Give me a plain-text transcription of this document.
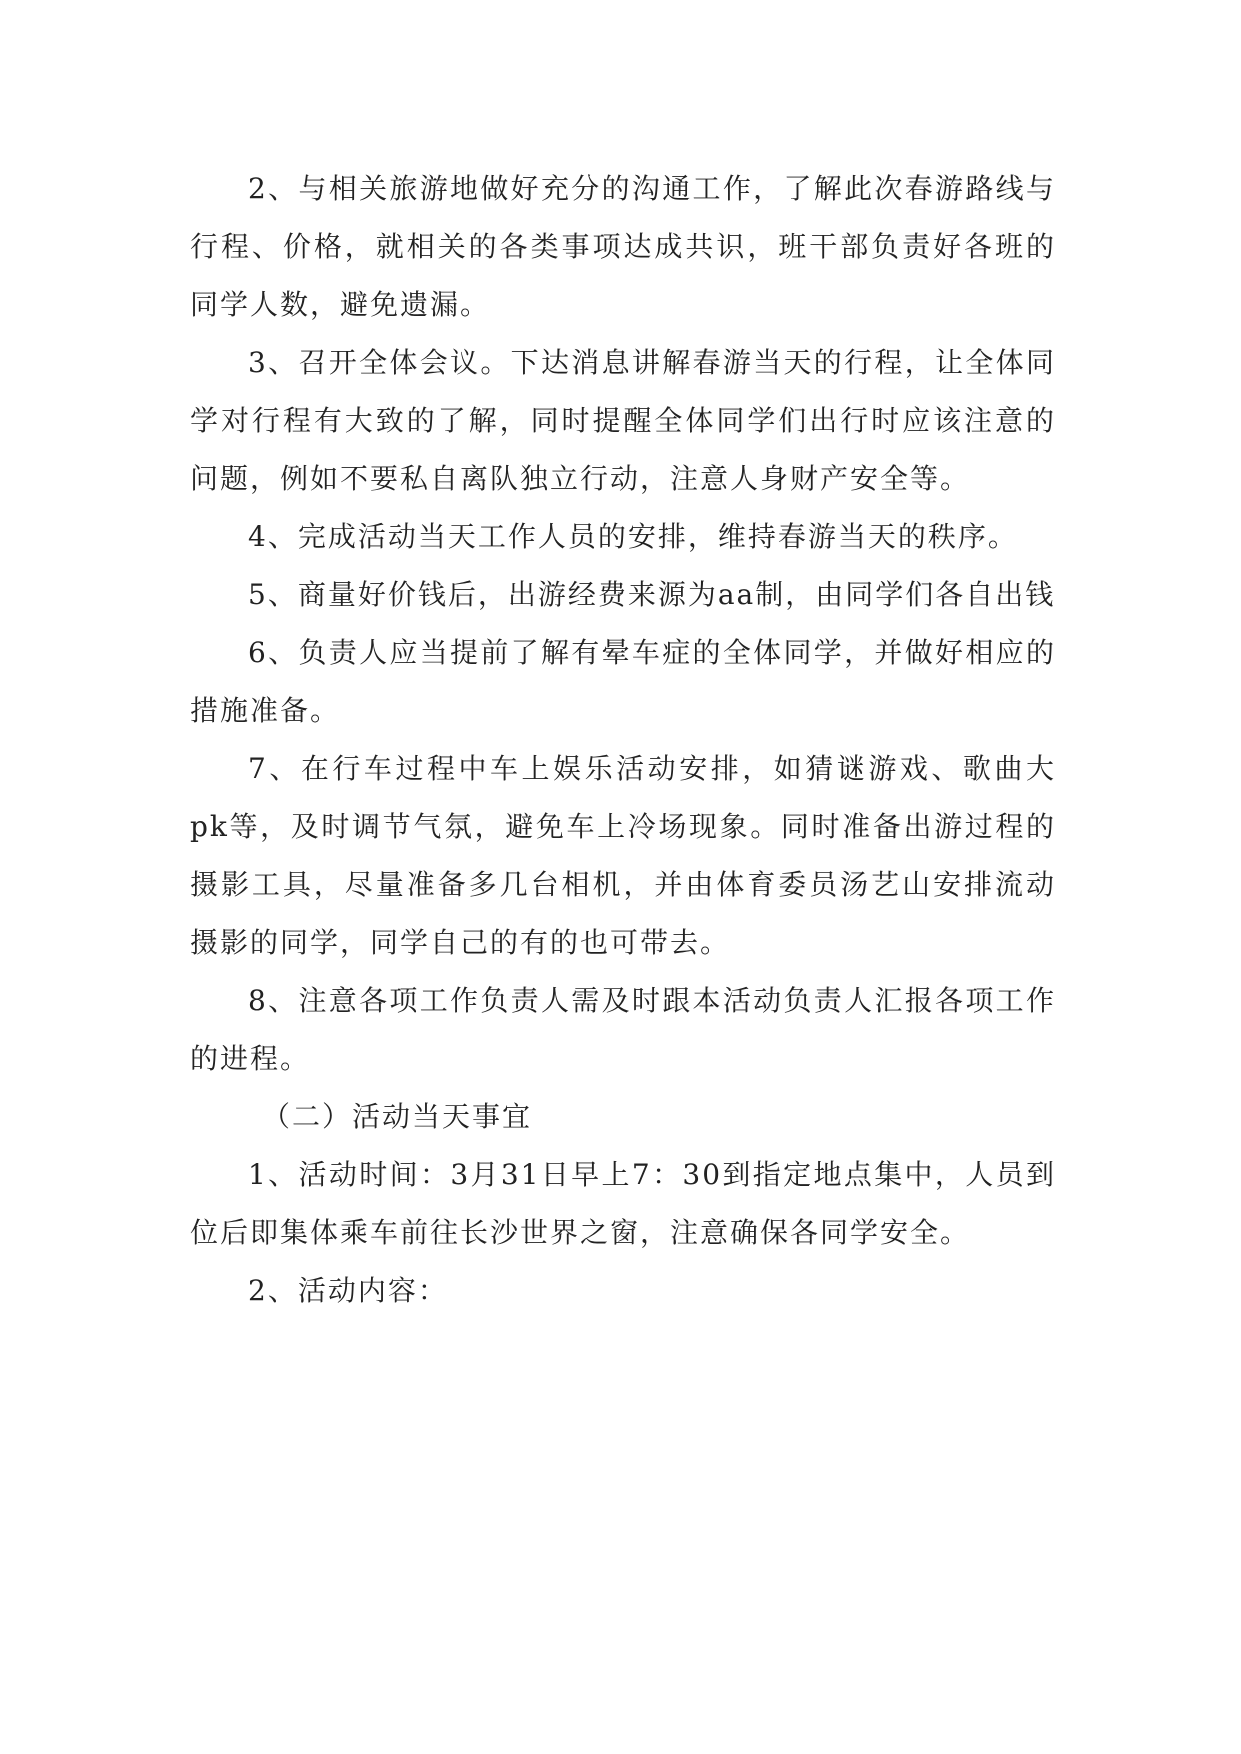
2、与相关旅游地做好充分的沟通工作，了解此次春游路线与行程、价格，就相关的各类事项达成共识，班干部负责好各班的同学人数，避免遗漏。

3、召开全体会议。下达消息讲解春游当天的行程，让全体同学对行程有大致的了解，同时提醒全体同学们出行时应该注意的问题，例如不要私自离队独立行动，注意人身财产安全等。

4、完成活动当天工作人员的安排，维持春游当天的秩序。

5、商量好价钱后，出游经费来源为aa制，由同学们各自出钱

6、负责人应当提前了解有晕车症的全体同学，并做好相应的措施准备。

7、在行车过程中车上娱乐活动安排，如猜谜游戏、歌曲大pk等，及时调节气氛，避免车上冷场现象。同时准备出游过程的摄影工具，尽量准备多几台相机，并由体育委员汤艺山安排流动摄影的同学，同学自己的有的也可带去。

8、注意各项工作负责人需及时跟本活动负责人汇报各项工作的进程。

（二）活动当天事宜

1、活动时间：3月31日早上7：30到指定地点集中，人员到位后即集体乘车前往长沙世界之窗，注意确保各同学安全。

2、活动内容：
